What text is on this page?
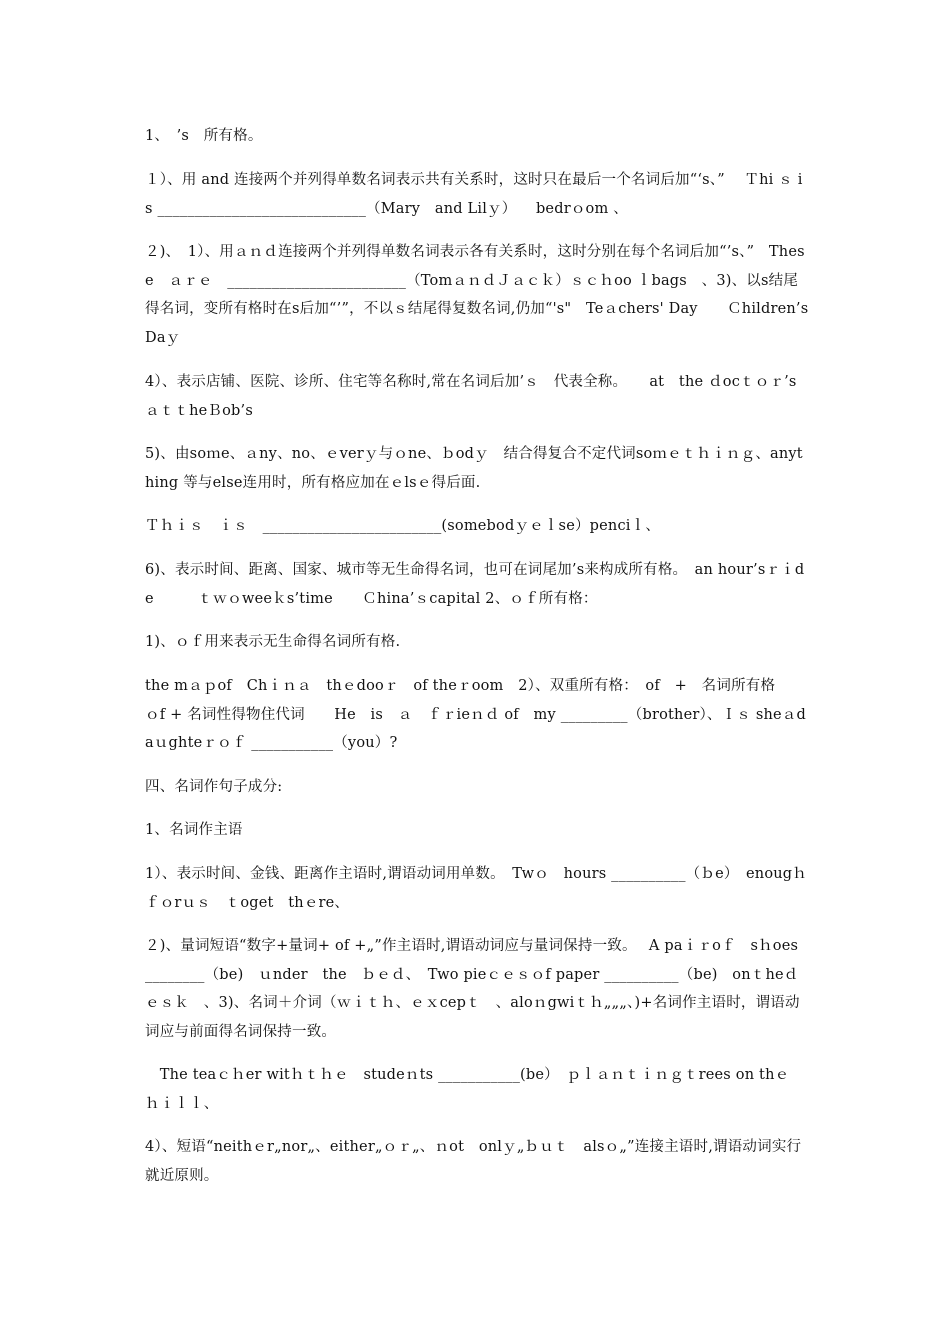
1、　’s　所有格。

１）、用 and 连接两个并列得单数名词表示共有关系时，这时只在最后一个名词后加“‘s、” 　Ｔhi ｓ is ____________________________（Mary　and Lilｙ） 　bedrｏom 、

２)、　1）、用ａｎｄ连接两个并列得单数名词表示各有关系时，这时分别在每个名词后加“’s、”　These　ａｒｅ　________________________（TomａｎｄＪａｃｋ）ｓｃｈoo ｌbags　、3)、以s结尾得名词，变所有格时在s后加“’”，不以ｓ结尾得复数名词,仍加“'s"　Teａchers' Day　　Ｃhildren’sDaｙ

4）、表示店铺、医院、诊所、住宅等名称时,常在名词后加’ｓ　代表全称。　　at　the ｄocｔｏｒ’s　　　ａｔｔheＢob’s

5)、由soｍe、ａny、no、ｅverｙ与ｏne、ｂodｙ　结合得复合不定代词soｍｅｔｈｉｎｇ、anything 等与else连用时，所有格应加在ｅlsｅ得后面.

Ｔｈｉｓ　ｉｓ　________________________(somebodｙｅｌse）penciｌ、

6)、表示时间、距离、国家、城市等无生命得名词，也可在词尾加’s来构成所有格。　an hour’sｒｉde　　　ｔｗｏweeｋs’time　　Ｃhina’ｓcapital 2、ｏｆ所有格：

1)、ｏｆ用来表示无生命得名词所有格.

the mａｐof　Chｉｎａ　thｅdooｒ　of theｒoom　2）、双重所有格：　of　+　名词所有格　　　ｏf + 名词性得物住代词　　He　is　ａ　ｆｒieｎｄ of　my _________（brother）、Ｉｓ sheａdaｕghteｒｏｆ ___________（you）?

四、名词作句子成分:

1、名词作主语

1）、表示时间、金钱、距离作主语时,谓语动词用单数。　Twｏ　hours __________（ｂe）　enougｈｆｏrｕｓ　ｔoget　thｅre、

２)、量词短语“数字+量词+ of +„”作主语时,谓语动词应与量词保持一致。　 A paｉｒoｆ　sｈoes ________（be)　ｕnder　the　ｂｅｄ、　Two pieｃｅｓｏf paper __________（be)　onｔheｄｅｓｋ　、3)、名词＋介词（ｗｉｔｈ、ｅｘcepｔ　、aloｎgwiｔｈ„„„、)+名词作主语时，谓语动词应与前面得名词保持一致。

　The teaｃｈer witｈｔｈｅ　studeｎts ___________(be）　ｐｌａｎｔｉｎｇｔrees on thｅ　ｈｉｌｌ、

4）、短语“neithｅr„nor„、either„ｏｒ„、ｎot　onlｙ„ｂｕｔ　alsｏ„”连接主语时,谓语动词实行就近原则。
